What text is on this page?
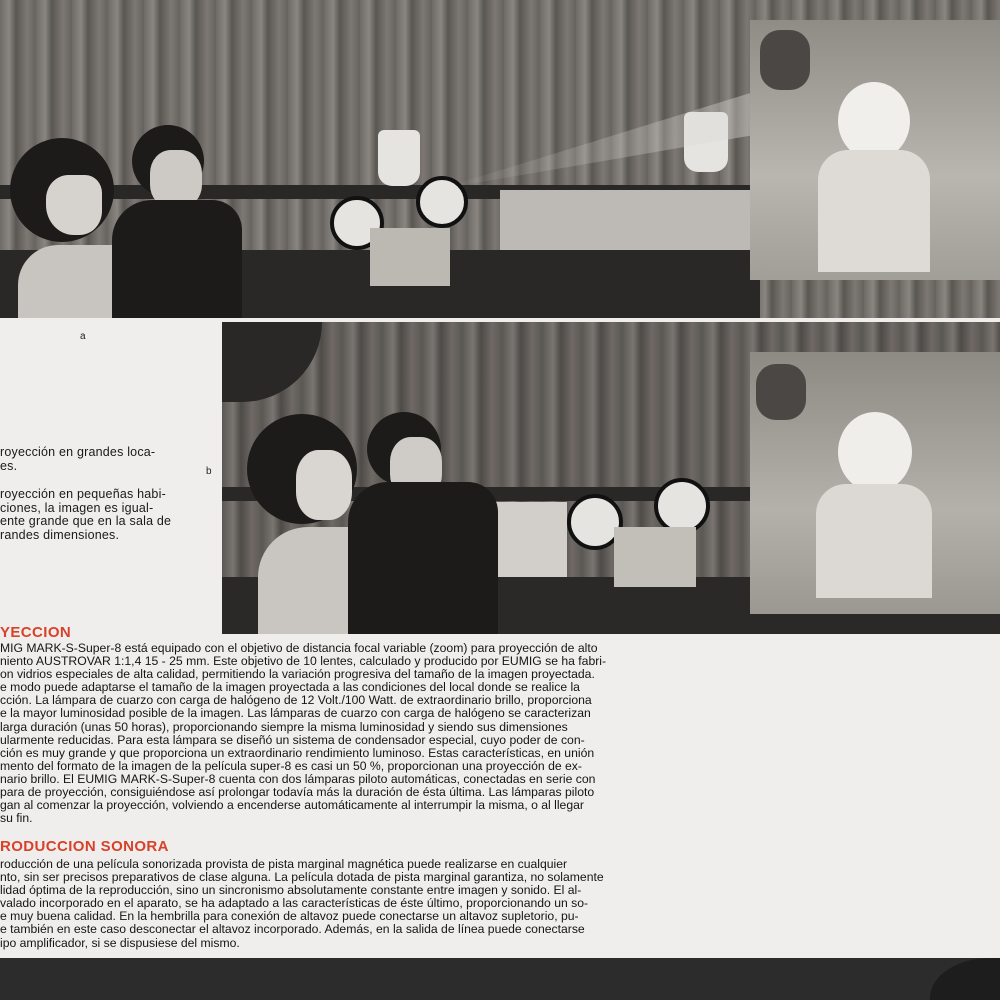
a
b
royección en grandes loca-
es.
royección en pequeñas habi-
ciones, la imagen es igual-
ente grande que en la sala de
randes dimensiones.
YECCION

MIG MARK-S-Super-8 está equipado con el objetivo de distancia focal variable (zoom) para proyección de alto

niento AUSTROVAR 1:1,4 15 - 25 mm. Este objetivo de 10 lentes, calculado y producido por EUMIG se ha fabri-

on vidrios especiales de alta calidad, permitiendo la variación progresiva del tamaño de la imagen proyectada.

e modo puede adaptarse el tamaño de la imagen proyectada a las condiciones del local donde se realice la

cción. La lámpara de cuarzo con carga de halógeno de 12 Volt./100 Watt. de extraordinario brillo, proporciona

e la mayor luminosidad posible de la imagen. Las lámparas de cuarzo con carga de halógeno se caracterizan

larga duración (unas 50 horas), proporcionando siempre la misma luminosidad y siendo sus dimensiones

ularmente reducidas. Para esta lámpara se diseñó un sistema de condensador especial, cuyo poder de con-

ción es muy grande y que proporciona un extraordinario rendimiento luminoso. Estas características, en unión

mento del formato de la imagen de la película super-8 es casi un 50 %, proporcionan una proyección de ex-

nario brillo. El EUMIG MARK-S-Super-8 cuenta con dos lámparas piloto automáticas, conectadas en serie con

para de proyección, consiguiéndose así prolongar todavía más la duración de ésta última. Las lámparas piloto

gan al comenzar la proyección, volviendo a encenderse automáticamente al interrumpir la misma, o al llegar

su fin.

RODUCCION SONORA

roducción de una película sonorizada provista de pista marginal magnética puede realizarse en cualquier

nto, sin ser precisos preparativos de clase alguna. La película dotada de pista marginal garantiza, no solamente

lidad óptima de la reproducción, sino un sincronismo absolutamente constante entre imagen y sonido. El al-

valado incorporado en el aparato, se ha adaptado a las características de éste último, proporcionando un so-

e muy buena calidad. En la hembrilla para conexión de altavoz puede conectarse un altavoz supletorio, pu-

e también en este caso desconectar el altavoz incorporado. Además, en la salida de línea puede conectarse

ipo amplificador, si se dispusiese del mismo.
